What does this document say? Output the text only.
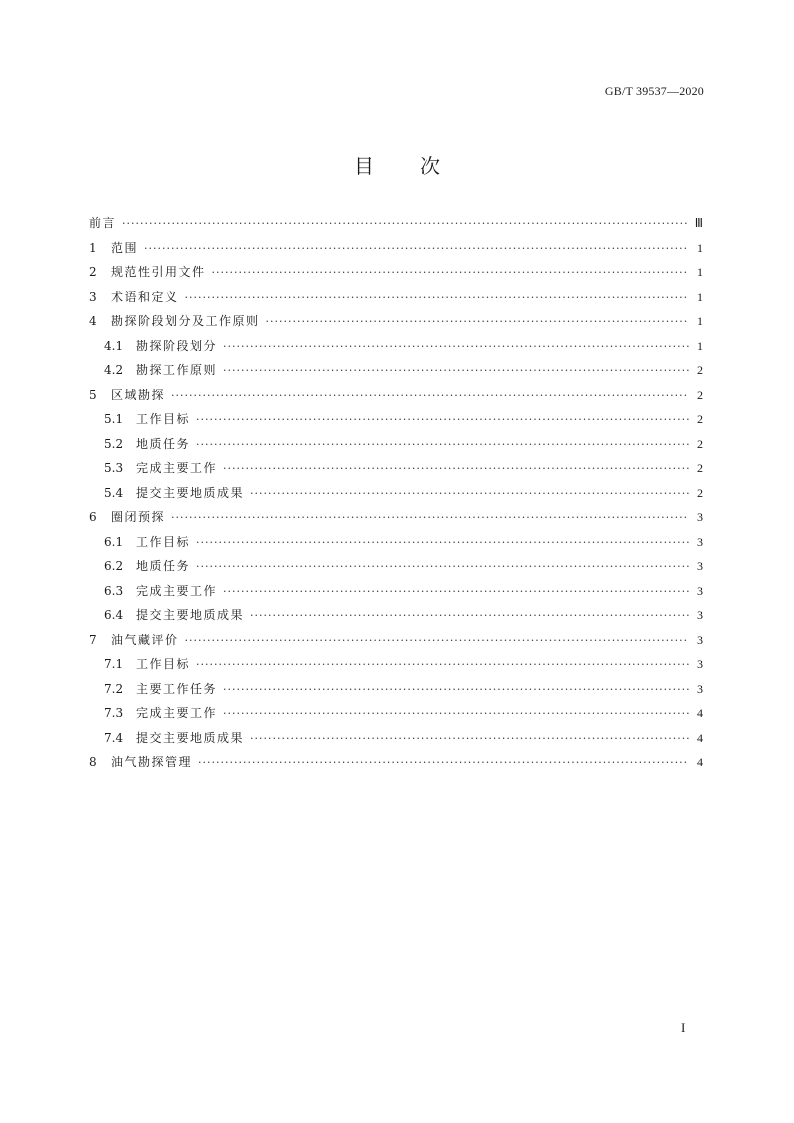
GB/T 39537—2020
目 次
前言 ·····	Ⅲ
1	范围 ·····	1
2	规范性引用文件 ·····	1
3	术语和定义 ·····	1
4	勘探阶段划分及工作原则 ·····	1
4.1	勘探阶段划分 ·····	1
4.2	勘探工作原则 ·····	2
5	区域勘探 ·····	2
5.1	工作目标 ·····	2
5.2	地质任务 ·····	2
5.3	完成主要工作 ·····	2
5.4	提交主要地质成果 ·····	2
6	圈闭预探 ·····	3
6.1	工作目标 ·····	3
6.2	地质任务 ·····	3
6.3	完成主要工作 ·····	3
6.4	提交主要地质成果 ·····	3
7	油气藏评价 ·····	3
7.1	工作目标 ·····	3
7.2	主要工作任务 ·····	3
7.3	完成主要工作 ·····	4
7.4	提交主要地质成果 ·····	4
8	油气勘探管理 ·····	4
I
